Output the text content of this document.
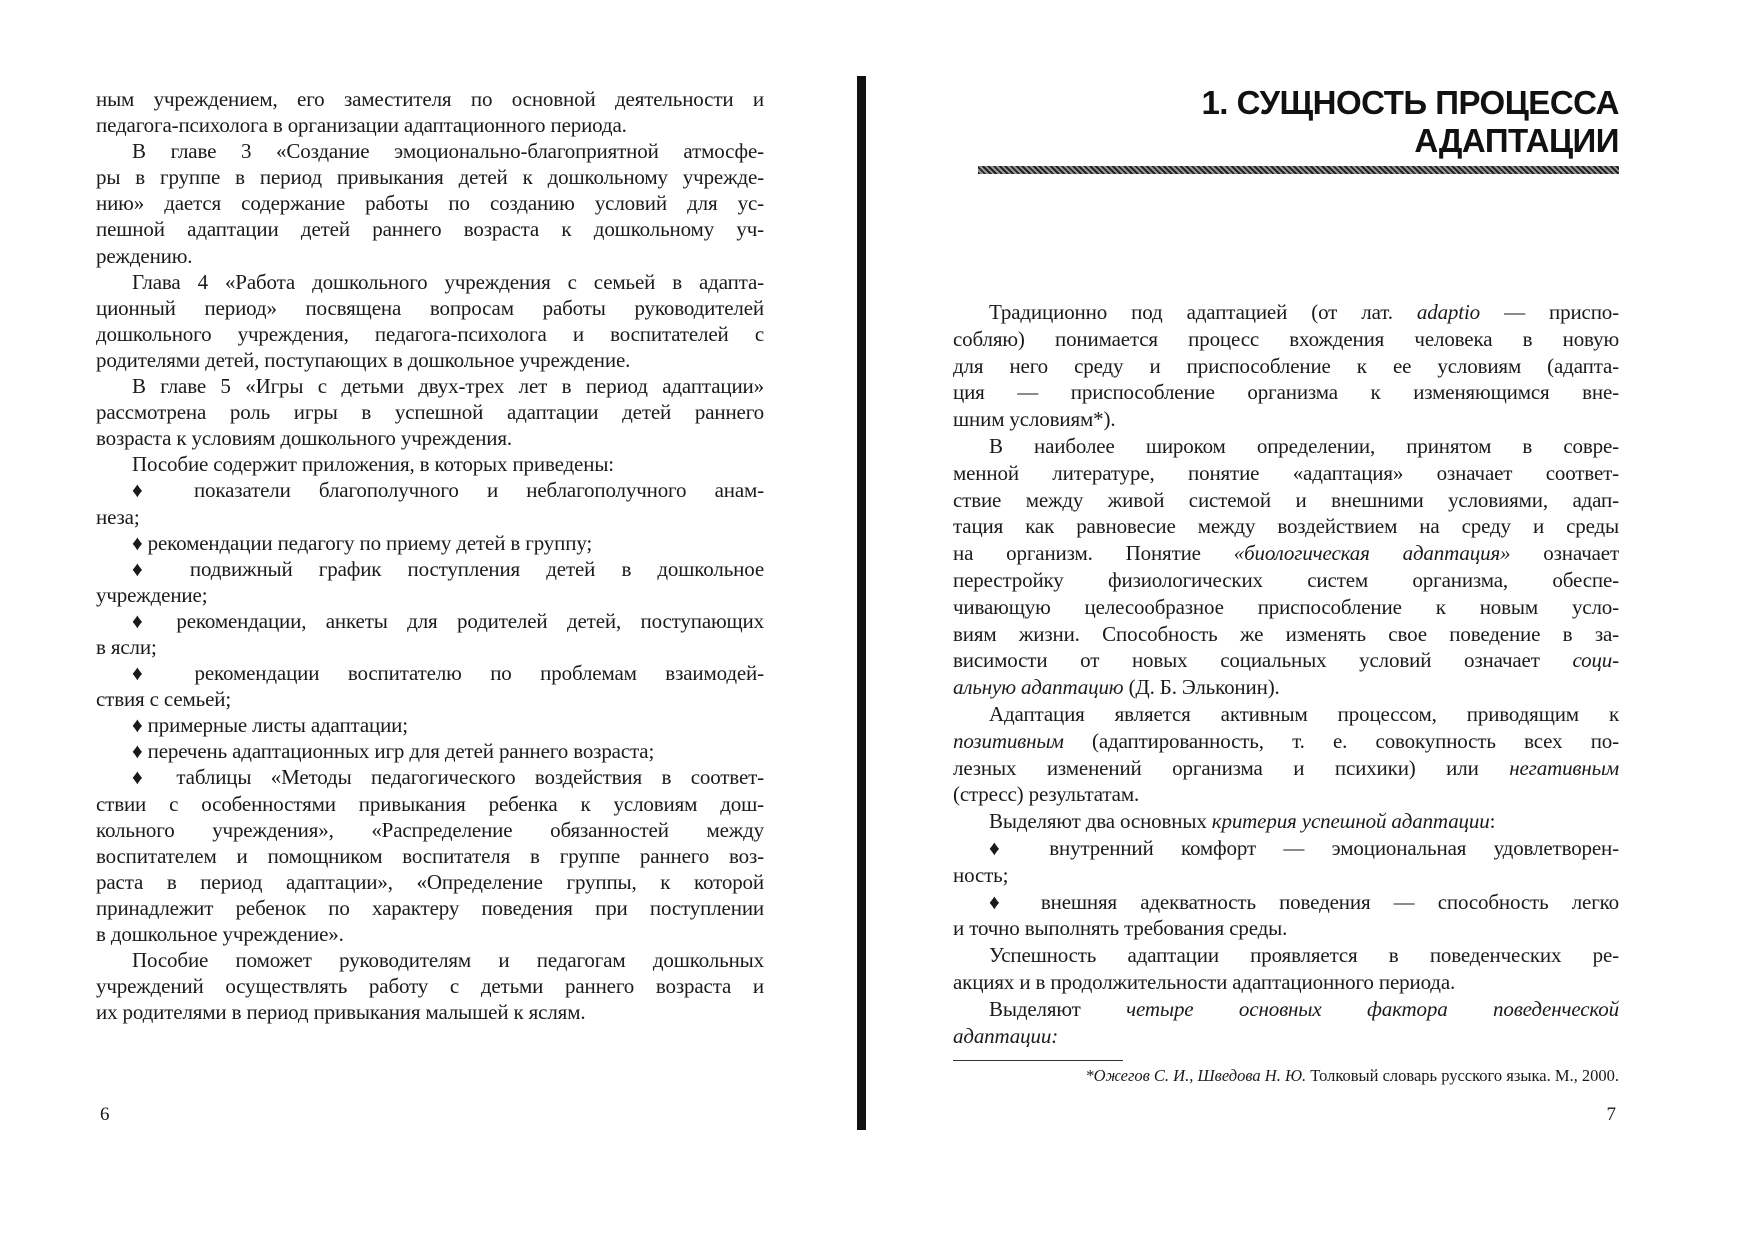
ным учреждением, его заместителя по основной деятельности и
педагога-психолога в организации адаптационного периода.
В главе 3 «Создание эмоционально-благоприятной атмосфе-
ры в группе в период привыкания детей к дошкольному учрежде-
нию» дается содержание работы по созданию условий для ус-
пешной адаптации детей раннего возраста к дошкольному уч-
реждению.
Глава 4 «Работа дошкольного учреждения с семьей в адапта-
ционный период» посвящена вопросам работы руководителей
дошкольного учреждения, педагога-психолога и воспитателей с
родителями детей, поступающих в дошкольное учреждение.
В главе 5 «Игры с детьми двух-трех лет в период адаптации»
рассмотрена роль игры в успешной адаптации детей раннего
возраста к условиям дошкольного учреждения.
Пособие содержит приложения, в которых приведены:
♦ показатели благополучного и неблагополучного анам-
неза;
♦ рекомендации педагогу по приему детей в группу;
♦ подвижный график поступления детей в дошкольное
учреждение;
♦ рекомендации, анкеты для родителей детей, поступающих
в ясли;
♦ рекомендации воспитателю по проблемам взаимодей-
ствия с семьей;
♦ примерные листы адаптации;
♦ перечень адаптационных игр для детей раннего возраста;
♦ таблицы «Методы педагогического воздействия в соответ-
ствии с особенностями привыкания ребенка к условиям дош-
кольного учреждения», «Распределение обязанностей между
воспитателем и помощником воспитателя в группе раннего воз-
раста в период адаптации», «Определение группы, к которой
принадлежит ребенок по характеру поведения при поступлении
в дошкольное учреждение».
Пособие поможет руководителям и педагогам дошкольных
учреждений осуществлять работу с детьми раннего возраста и
их родителями в период привыкания малышей к яслям.
6
1. СУЩНОСТЬ ПРОЦЕССА
АДАПТАЦИИ
Традиционно под адаптацией (от лат. adaptio — приспо-
собляю) понимается процесс вхождения человека в новую
для него среду и приспособление к ее условиям (адапта-
ция — приспособление организма к изменяющимся вне-
шним условиям*).
В наиболее широком определении, принятом в совре-
менной литературе, понятие «адаптация» означает соответ-
ствие между живой системой и внешними условиями, адап-
тация как равновесие между воздействием на среду и среды
на организм. Понятие «биологическая адаптация» означает
перестройку физиологических систем организма, обеспе-
чивающую целесообразное приспособление к новым усло-
виям жизни. Способность же изменять свое поведение в за-
висимости от новых социальных условий означает соци-
альную адаптацию (Д. Б. Эльконин).
Адаптация является активным процессом, приводящим к
позитивным (адаптированность, т. е. совокупность всех по-
лезных изменений организма и психики) или негативным
(стресс) результатам.
Выделяют два основных критерия успешной адаптации:
♦ внутренний комфорт — эмоциональная удовлетворен-
ность;
♦ внешняя адекватность поведения — способность легко
и точно выполнять требования среды.
Успешность адаптации проявляется в поведенческих ре-
акциях и в продолжительности адаптационного периода.
Выделяют четыре основных фактора поведенческой
адаптации:
*Ожегов С. И., Шведова Н. Ю. Толковый словарь русского языка. М., 2000.
7
